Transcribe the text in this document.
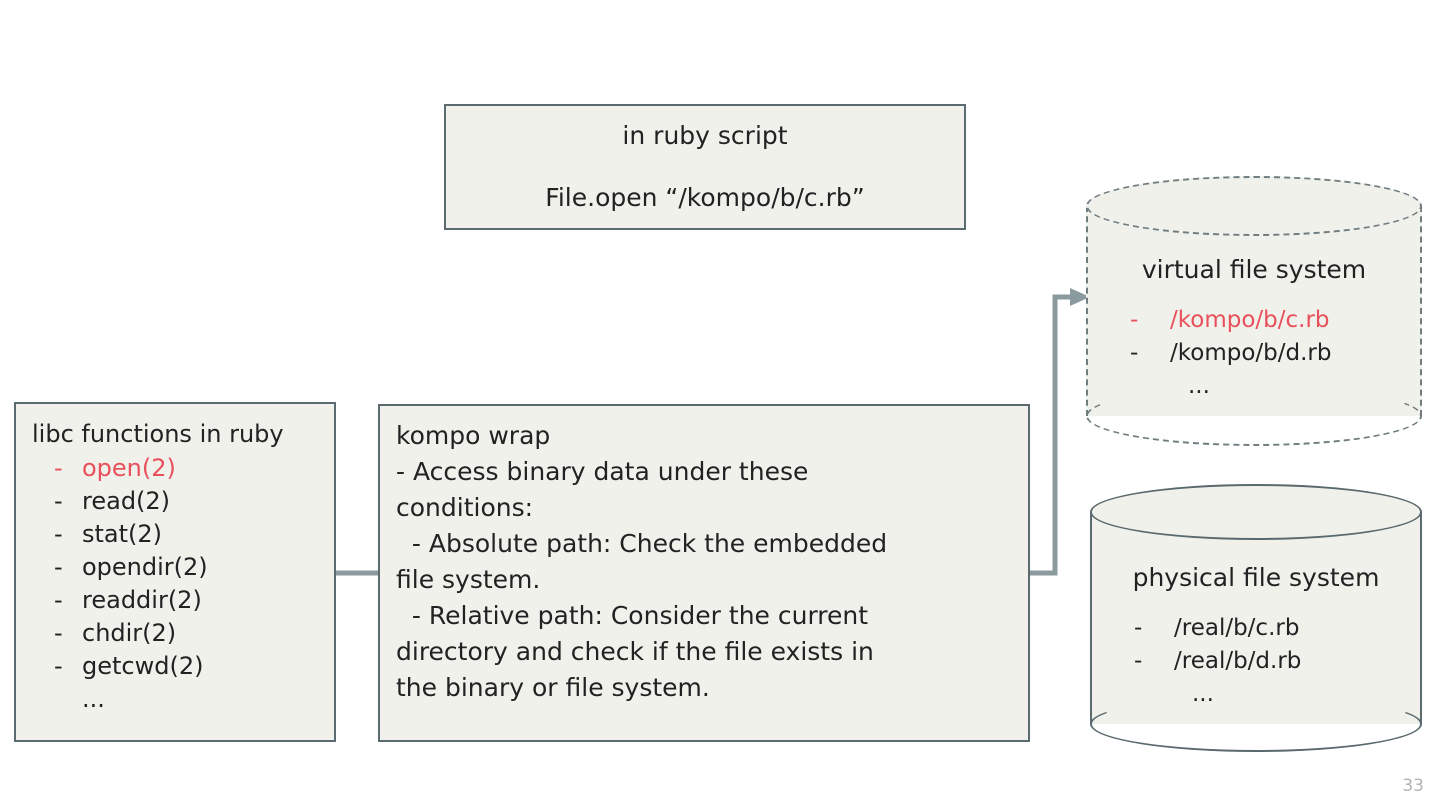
in ruby script
File.open “/kompo/b/c.rb”
libc functions in ruby
- open(2)
- read(2)
- stat(2)
- opendir(2)
- readdir(2)
- chdir(2)
- getcwd(2)
...
kompo wrap
- Access binary data under these
conditions:
- Absolute path: Check the embedded
file system.
- Relative path: Consider the current
directory and check if the file exists in
the binary or file system.
virtual file system
-	/kompo/b/c.rb
-	/kompo/b/d.rb
...
physical file system
-	/real/b/c.rb
-	/real/b/d.rb
...
33
